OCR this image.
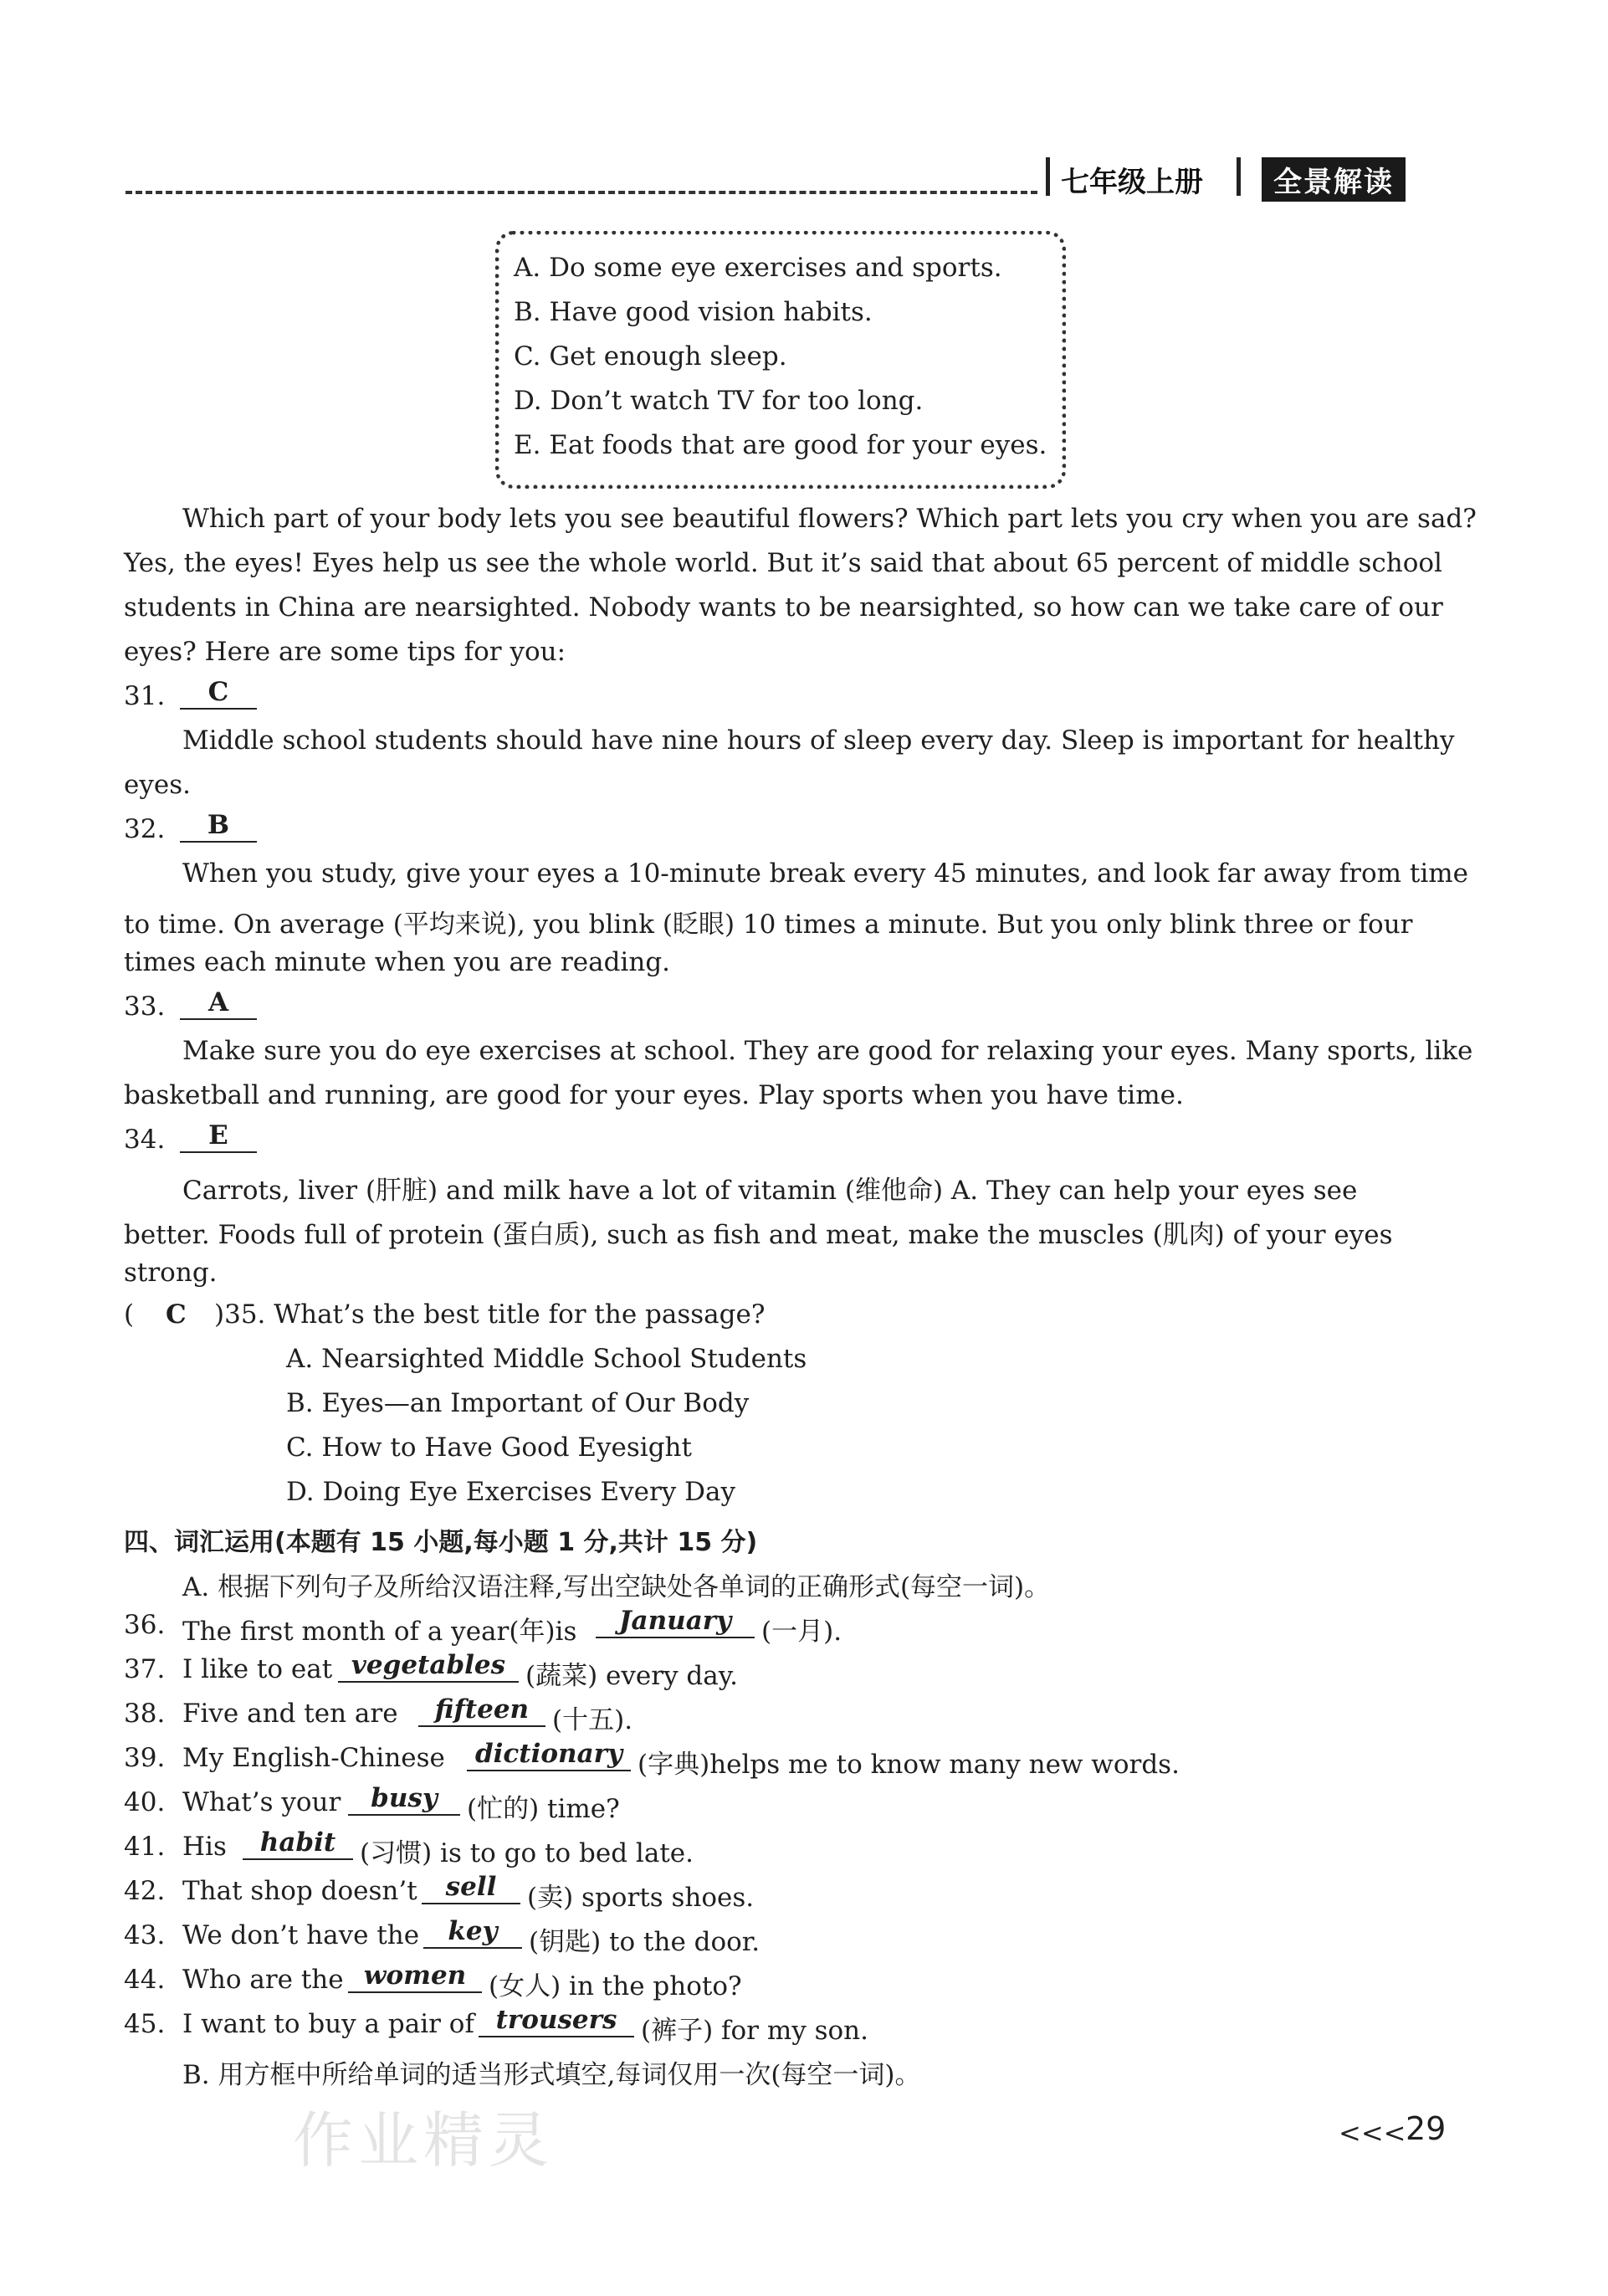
七年级上册	全景解读
A. Do some eye exercises and sports.
B. Have good vision habits.
C. Get enough sleep.
D. Don’t watch TV for too long.
E. Eat foods that are good for your eyes.
Which part of your body lets you see beautiful flowers? Which part lets you cry when you are sad?
Yes, the eyes! Eyes help us see the whole world. But it’s said that about 65 percent of middle school
students in China are nearsighted. Nobody wants to be nearsighted, so how can we take care of our
eyes? Here are some tips for you:
31.	C
Middle school students should have nine hours of sleep every day. Sleep is important for healthy
eyes.
32.	B
When you study, give your eyes a 10-minute break every 45 minutes, and look far away from time
to time. On average (平均来说), you blink (眨眼) 10 times a minute. But you only blink three or four
times each minute when you are reading.
33.	A
Make sure you do eye exercises at school. They are good for relaxing your eyes. Many sports, like
basketball and running, are good for your eyes. Play sports when you have time.
34.	E
Carrots, liver (肝脏) and milk have a lot of vitamin (维他命) A. They can help your eyes see
better. Foods full of protein (蛋白质), such as fish and meat, make the muscles (肌肉) of your eyes
strong.
( C )35. What’s the best title for the passage?
A. Nearsighted Middle School Students
B. Eyes—an Important of Our Body
C. How to Have Good Eyesight
D. Doing Eye Exercises Every Day
四、词汇运用(本题有 15 小题,每小题 1 分,共计 15 分)
A. 根据下列句子及所给汉语注释,写出空缺处各单词的正确形式(每空一词)。
36. The first month of a year(年)is	January	(一月).
37. I like to eat vegetables (蔬菜) every day.
38. Five and ten are	fifteen (十五).
39. My English-Chinese	dictionary (字典)helps me to know many new words.
40. What’s your	busy	(忙的) time?
41. His	habit (习惯) is to go to bed late.
42. That shop doesn’t	sell	(卖) sports shoes.
43. We don’t have the	key	(钥匙) to the door.
44. Who are the women (女人) in the photo?
45. I want to buy a pair of trousers (裤子) for my son.
B. 用方框中所给单词的适当形式填空,每词仅用一次(每空一词)。
作业精灵	<<< 29
